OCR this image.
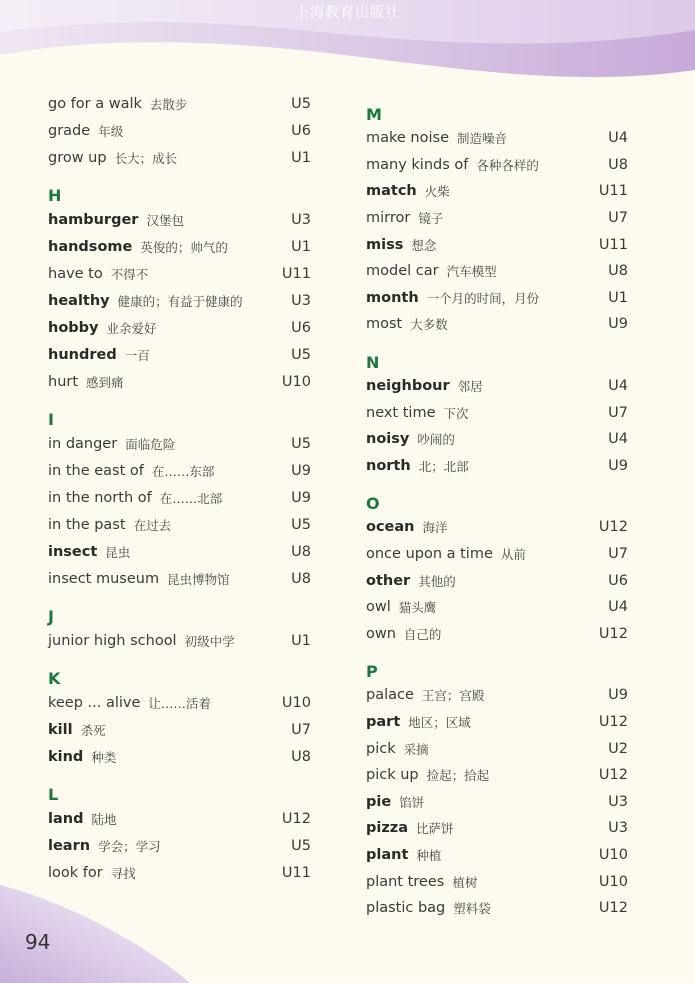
上海教育出版社
go for a walk 去散步	U5
grade 年级	U6
grow up 长大；成长	U1
H
hamburger 汉堡包	U3
handsome 英俊的；帅气的	U1
have to 不得不	U11
healthy 健康的；有益于健康的	U3
hobby 业余爱好	U6
hundred 一百	U5
hurt 感到痛	U10
I
in danger 面临危险	U5
in the east of 在……东部	U9
in the north of 在……北部	U9
in the past 在过去	U5
insect 昆虫	U8
insect museum 昆虫博物馆	U8
J
junior high school 初级中学	U1
K
keep ... alive 让……活着	U10
kill 杀死	U7
kind 种类	U8
L
land 陆地	U12
learn 学会；学习	U5
look for 寻找	U11
M
make noise 制造噪音	U4
many kinds of 各种各样的	U8
match 火柴	U11
mirror 镜子	U7
miss 想念	U11
model car 汽车模型	U8
month 一个月的时间，月份	U1
most 大多数	U9
N
neighbour 邻居	U4
next time 下次	U7
noisy 吵闹的	U4
north 北；北部	U9
O
ocean 海洋	U12
once upon a time 从前	U7
other 其他的	U6
owl 猫头鹰	U4
own 自己的	U12
P
palace 王宫；宫殿	U9
part 地区；区域	U12
pick 采摘	U2
pick up 捡起；拾起	U12
pie 馅饼	U3
pizza 比萨饼	U3
plant 种植	U10
plant trees 植树	U10
plastic bag 塑料袋	U12
94
